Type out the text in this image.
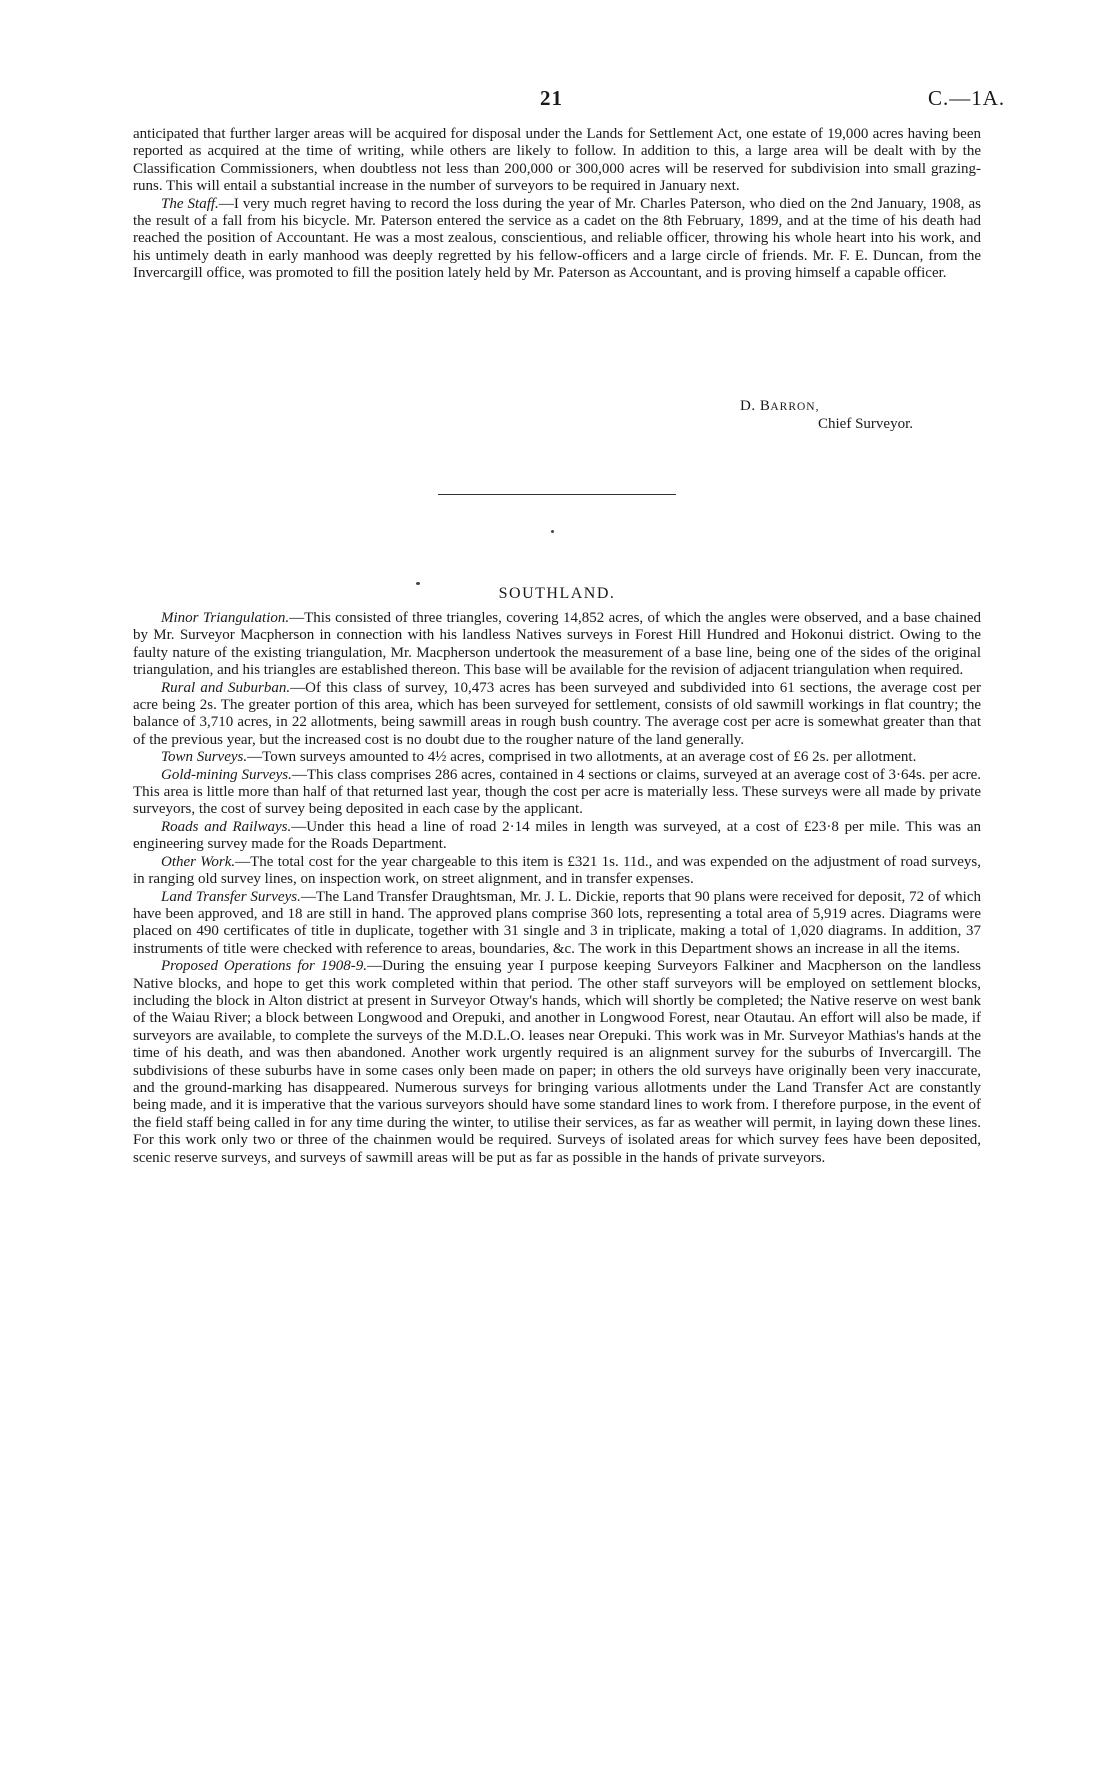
21	C.—1A.

anticipated that further larger areas will be acquired for disposal under the Lands for Settlement Act, one estate of 19,000 acres having been reported as acquired at the time of writing, while others are likely to follow. In addition to this, a large area will be dealt with by the Classification Commissioners, when doubtless not less than 200,000 or 300,000 acres will be reserved for subdivision into small grazing-runs. This will entail a substantial increase in the number of surveyors to be required in January next.

The Staff.—I very much regret having to record the loss during the year of Mr. Charles Paterson, who died on the 2nd January, 1908, as the result of a fall from his bicycle. Mr. Paterson entered the service as a cadet on the 8th February, 1899, and at the time of his death had reached the position of Accountant. He was a most zealous, conscientious, and reliable officer, throwing his whole heart into his work, and his untimely death in early manhood was deeply regretted by his fellow-officers and a large circle of friends. Mr. F. E. Duncan, from the Invercargill office, was promoted to fill the position lately held by Mr. Paterson as Accountant, and is proving himself a capable officer.

D. BARRON,
Chief Surveyor.
SOUTHLAND.

Minor Triangulation.—This consisted of three triangles, covering 14,852 acres, of which the angles were observed, and a base chained by Mr. Surveyor Macpherson in connection with his landless Natives surveys in Forest Hill Hundred and Hokonui district. Owing to the faulty nature of the existing triangulation, Mr. Macpherson undertook the measurement of a base line, being one of the sides of the original triangulation, and his triangles are established thereon. This base will be available for the revision of adjacent triangulation when required.

Rural and Suburban.—Of this class of survey, 10,473 acres has been surveyed and subdivided into 61 sections, the average cost per acre being 2s. The greater portion of this area, which has been surveyed for settlement, consists of old sawmill workings in flat country; the balance of 3,710 acres, in 22 allotments, being sawmill areas in rough bush country. The average cost per acre is somewhat greater than that of the previous year, but the increased cost is no doubt due to the rougher nature of the land generally.

Town Surveys.—Town surveys amounted to 4½ acres, comprised in two allotments, at an average cost of £6 2s. per allotment.

Gold-mining Surveys.—This class comprises 286 acres, contained in 4 sections or claims, surveyed at an average cost of 3·64s. per acre. This area is little more than half of that returned last year, though the cost per acre is materially less. These surveys were all made by private surveyors, the cost of survey being deposited in each case by the applicant.

Roads and Railways.—Under this head a line of road 2·14 miles in length was surveyed, at a cost of £23·8 per mile. This was an engineering survey made for the Roads Department.

Other Work.—The total cost for the year chargeable to this item is £321 1s. 11d., and was expended on the adjustment of road surveys, in ranging old survey lines, on inspection work, on street alignment, and in transfer expenses.

Land Transfer Surveys.—The Land Transfer Draughtsman, Mr. J. L. Dickie, reports that 90 plans were received for deposit, 72 of which have been approved, and 18 are still in hand. The approved plans comprise 360 lots, representing a total area of 5,919 acres. Diagrams were placed on 490 certificates of title in duplicate, together with 31 single and 3 in triplicate, making a total of 1,020 diagrams. In addition, 37 instruments of title were checked with reference to areas, boundaries, &c. The work in this Department shows an increase in all the items.

Proposed Operations for 1908-9.—During the ensuing year I purpose keeping Surveyors Falkiner and Macpherson on the landless Native blocks, and hope to get this work completed within that period. The other staff surveyors will be employed on settlement blocks, including the block in Alton district at present in Surveyor Otway's hands, which will shortly be completed; the Native reserve on west bank of the Waiau River; a block between Longwood and Orepuki, and another in Longwood Forest, near Otautau. An effort will also be made, if surveyors are available, to complete the surveys of the M.D.L.O. leases near Orepuki. This work was in Mr. Surveyor Mathias's hands at the time of his death, and was then abandoned. Another work urgently required is an alignment survey for the suburbs of Invercargill. The subdivisions of these suburbs have in some cases only been made on paper; in others the old surveys have originally been very inaccurate, and the ground-marking has disappeared. Numerous surveys for bringing various allotments under the Land Transfer Act are constantly being made, and it is imperative that the various surveyors should have some standard lines to work from. I therefore purpose, in the event of the field staff being called in for any time during the winter, to utilise their services, as far as weather will permit, in laying down these lines. For this work only two or three of the chainmen would be required. Surveys of isolated areas for which survey fees have been deposited, scenic reserve surveys, and surveys of sawmill areas will be put as far as possible in the hands of private surveyors.
